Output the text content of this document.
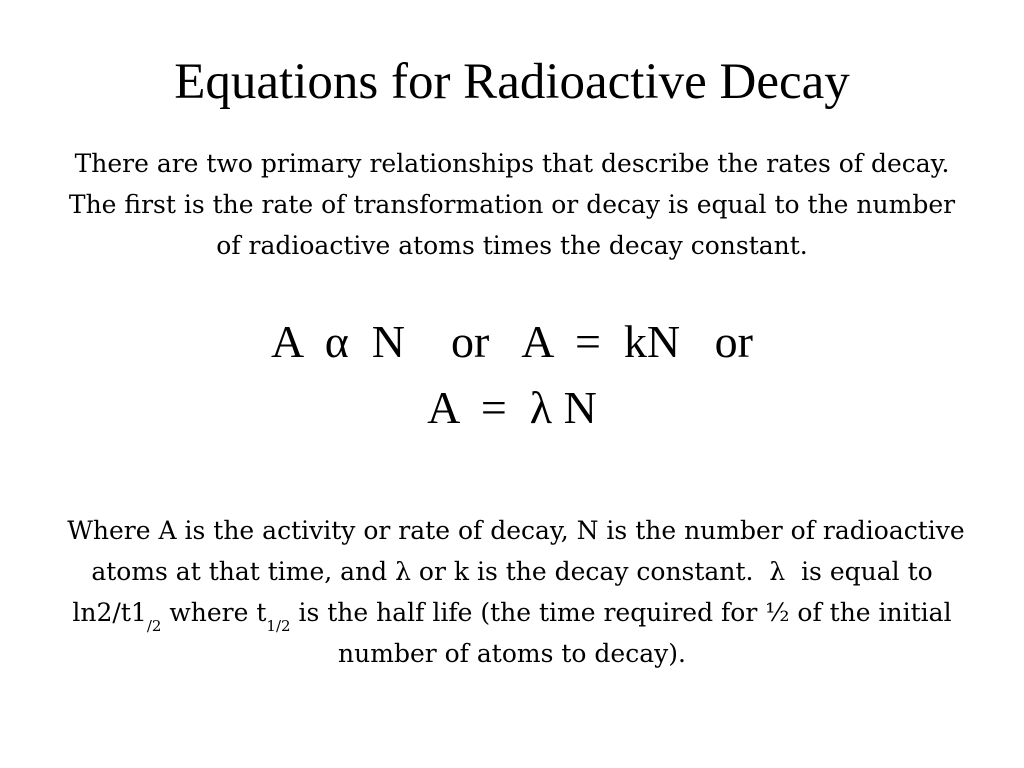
Equations for Radioactive Decay
There are two primary relationships that describe the rates of decay. The first is the rate of transformation or decay is equal to the number of radioactive atoms times the decay constant.
A  α  N    or   A  =  kN   or
A  =  λ N
Where A is the activity or rate of decay, N is the number of radioactive atoms at that time, and λ or k is the decay constant.  λ  is equal to $\ln 2/t1_{/2}$ where $t_{1/2}$ is the half life (the time required for ½ of the initial number of atoms to decay).
